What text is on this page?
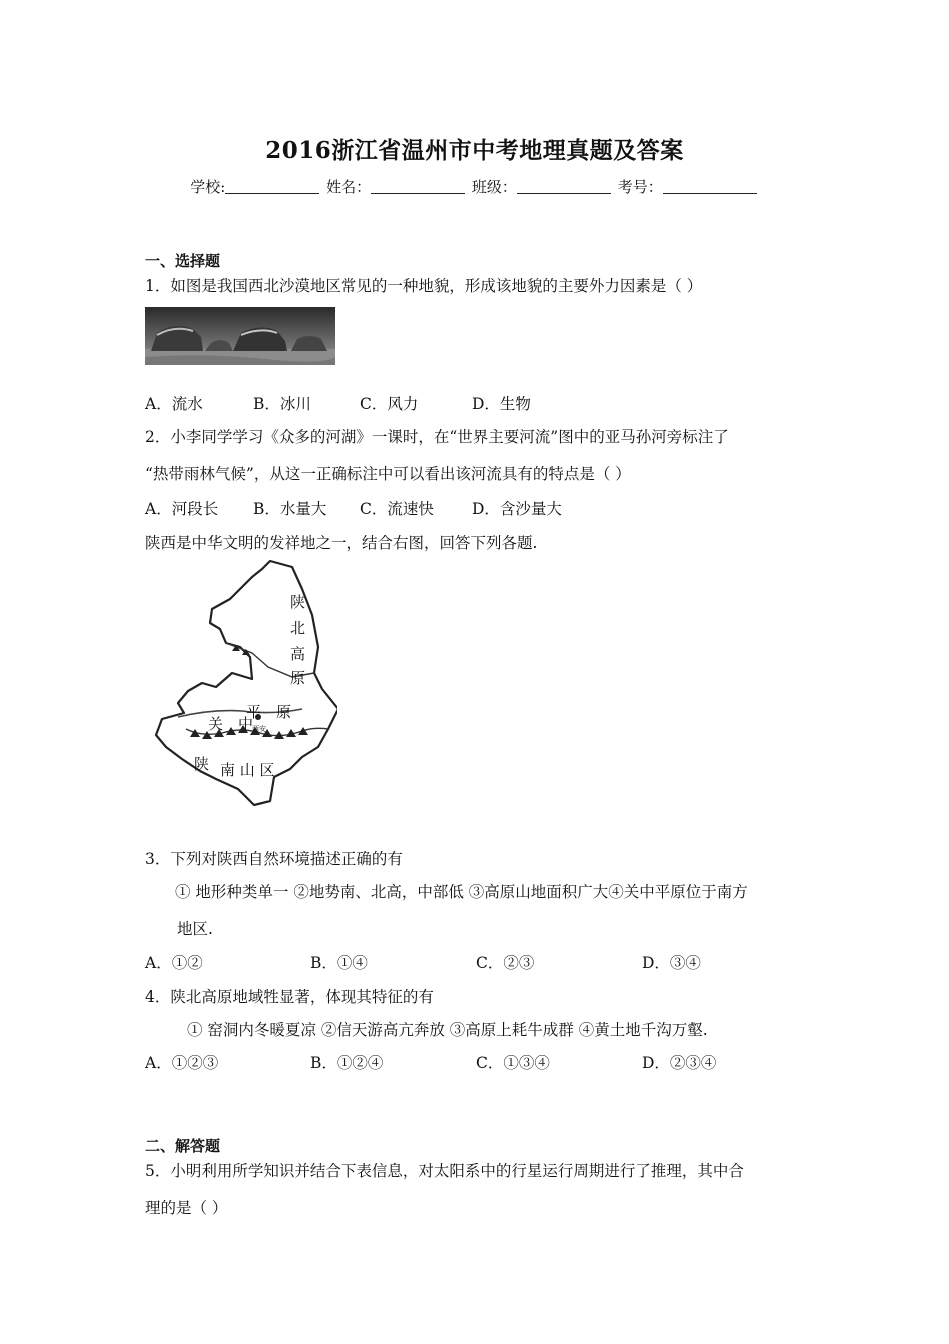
2016浙江省温州市中考地理真题及答案
学校:	姓名：	班级：	考号：
一、选择题
1．如图是我国西北沙漠地区常见的一种地貌，形成该地貌的主要外力因素是（ ）
A．流水	B．冰川	C．风力	D．生物
2．小李同学学习《众多的河湖》一课时，在“世界主要河流”图中的亚马孙河旁标注了
“热带雨林气候”，从这一正确标注中可以看出该河流具有的特点是（ ）
A．河段长 B．水量大 C．流速快 D．含沙量大
陕西是中华文明的发祥地之一，结合右图，回答下列各题.
陕
北
高
原
关　中
平　原
陕 南 山 区
西安
3．下列对陕西自然环境描述正确的有
① 地形种类单一 ②地势南、北高，中部低 ③高原山地面积广大④关中平原位于南方
地区.
A．①②	B．①④	C．②③	D．③④
4．陕北高原地域牲显著，体现其特征的有
① 窑洞内冬暖夏凉 ②信天游高亢奔放 ③高原上耗牛成群 ④黄土地千沟万壑.
A．①②③	B．①②④	C．①③④	D．②③④
二、解答题
5．小明利用所学知识并结合下表信息，对太阳系中的行星运行周期进行了推理，其中合
理的是（ ）
